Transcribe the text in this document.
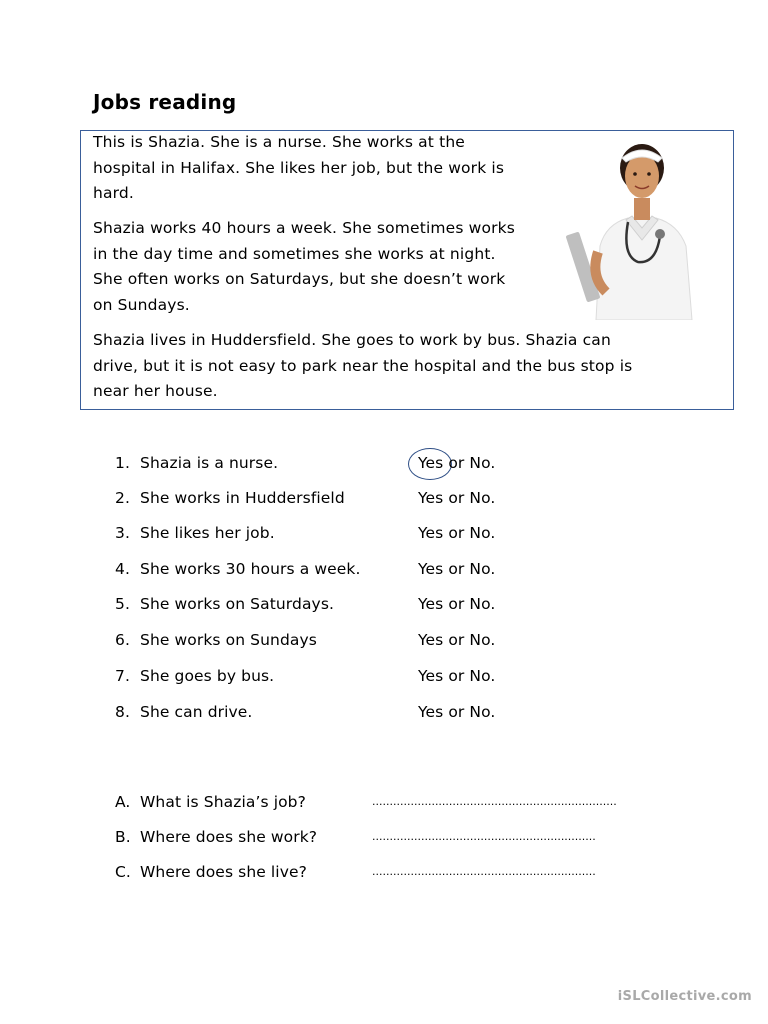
Jobs reading
This is Shazia. She is a nurse. She works at the
hospital in Halifax. She likes her job, but the work is
hard.
Shazia works 40 hours a week. She sometimes works
in the day time and sometimes she works at night.
She often works on Saturdays, but she doesn’t work
on Sundays.
Shazia lives in Huddersfield. She goes to work by bus. Shazia can
drive, but it is not easy to park near the hospital and the bus stop is
near her house.
1. Shazia is a nurse.	Yes or No.
2. She works in Huddersfield	Yes or No.
3. She likes her job.	Yes or No.
4. She works 30 hours a week.	Yes or No.
5. She works on Saturdays.	Yes or No.
6. She works on Sundays	Yes or No.
7. She goes by bus.	Yes or No.
8. She can drive.	Yes or No.
A. What is Shazia’s job?	......................................................................
B. Where does she work?	................................................................
C. Where does she live?	................................................................
iSLCollective.com
